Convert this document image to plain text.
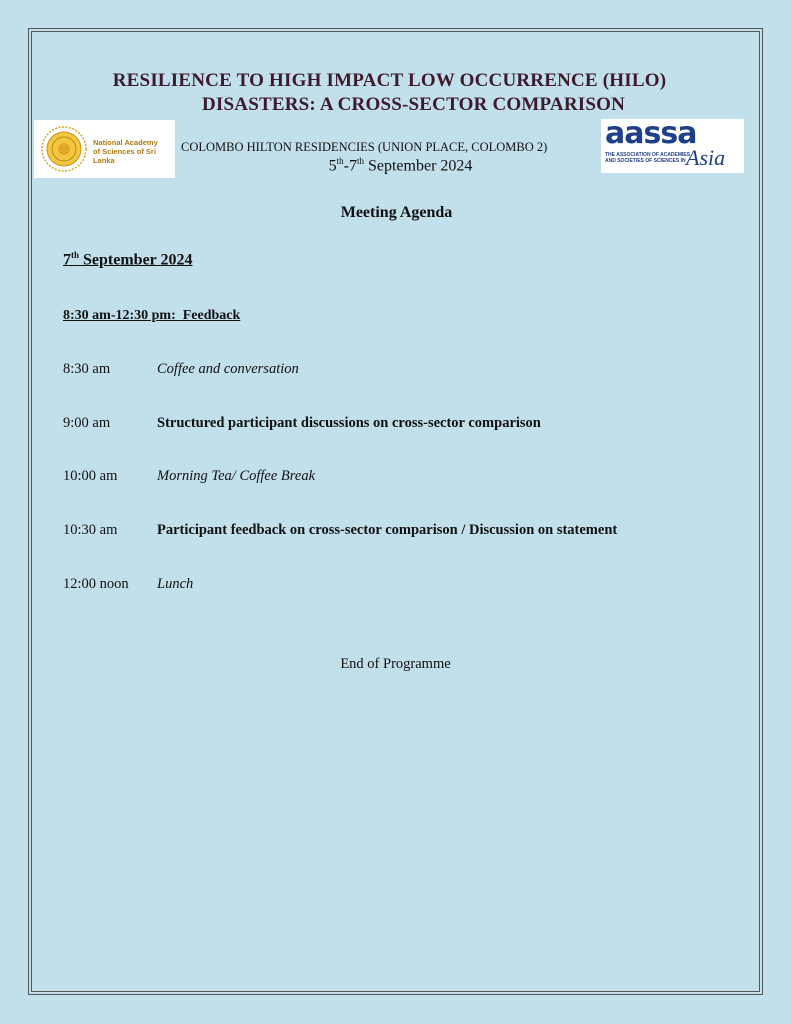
RESILIENCE TO HIGH IMPACT LOW OCCURRENCE (HILO)
DISASTERS: A CROSS-SECTOR COMPARISON
National Academy
of Sciences of Sri Lanka
aassa
THE ASSOCIATION OF ACADEMIES
AND SOCIETIES OF SCIENCES IN Asia
COLOMBO HILTON RESIDENCIES (UNION PLACE, COLOMBO 2)
5th-7th September 2024
Meeting Agenda
7th September 2024
8:30 am-12:30 pm:  Feedback
8:30 am	Coffee and conversation
9:00 am	Structured participant discussions on cross-sector comparison
10:00 am	Morning Tea/ Coffee Break
10:30 am	Participant feedback on cross-sector comparison / Discussion on statement
12:00 noon Lunch
End of Programme
